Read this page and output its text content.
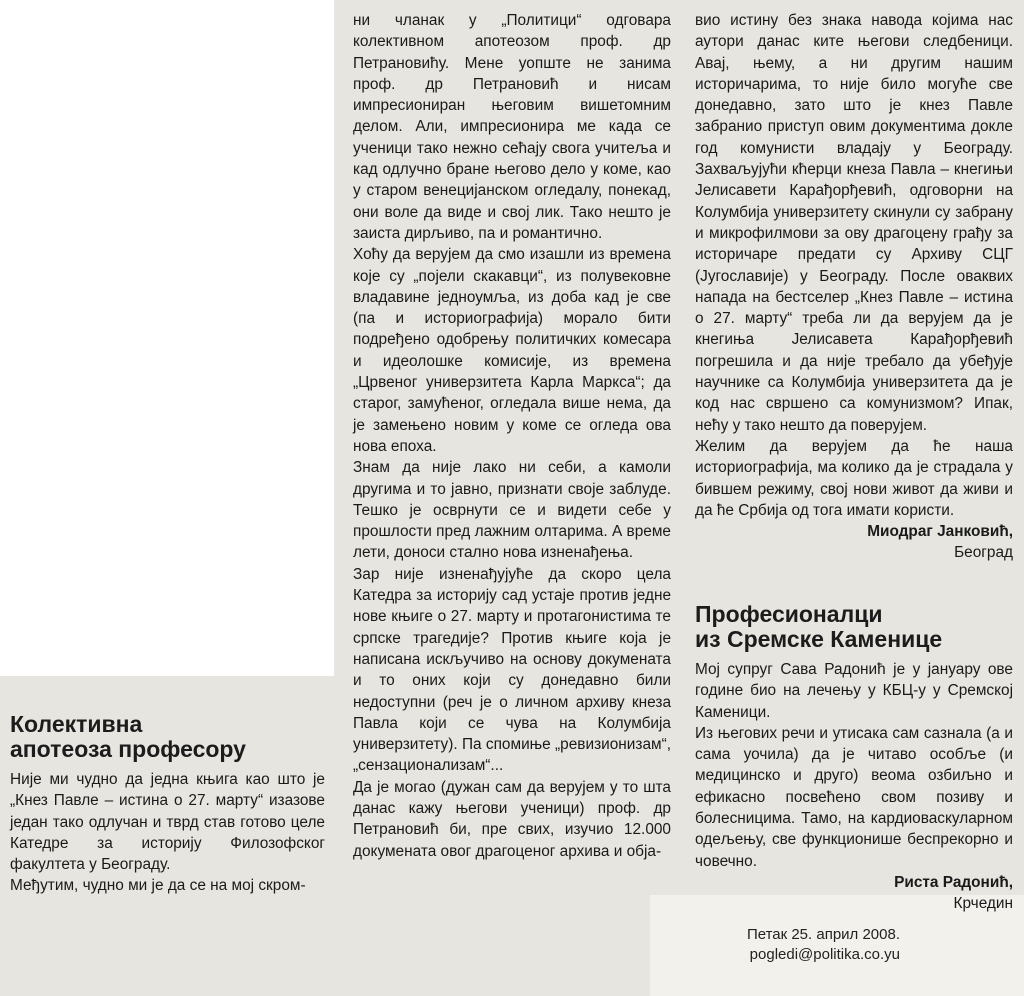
Колективна
апотеоза професору

Није ми чудно да једна књига као што је „Кнез Павле – истина о 27. марту“ изазове један тако одлучан и тврд став готово целе Катедре за историју Филозофског факултета у Београду.

Међутим, чудно ми је да се на мој скром-

ни чланак у „Политици“ одговара колективном апотеозом проф. др Петрановићу. Мене уопште не занима проф. др Петрановић и нисам импресиониран његовим вишетомним делом. Али, импресионира ме када се ученици тако нежно сећају свога учитеља и кад одлучно бране његово дело у коме, као у старом венецијанском огледалу, понекад, они воле да виде и свој лик. Тако нешто је заиста дирљиво, па и романтично.

Хоћу да верујем да смо изашли из времена које су „појели скакавци“, из полувековне владавине једноумља, из доба кад је све (па и историографија) морало бити подређено одобрењу политичких комесара и идеолошке комисије, из времена „Црвеног универзитета Карла Маркса“; да старог, замућеног, огледала више нема, да је замењено новим у коме се огледа ова нова епоха.

Знам да није лако ни себи, а камоли другима и то јавно, признати своје заблуде. Тешко је осврнути се и видети себе у прошлости пред лажним олтарима. А време лети, доноси стално нова изненађења.

Зар није изненађујуће да скоро цела Катедра за историју сад устаје против једне нове књиге о 27. марту и протагонистима те српске трагедије? Против књиге која је написана искључиво на основу докумената и то оних који су донедавно били недоступни (реч је о личном архиву кнеза Павла који се чува на Колумбија универзитету). Па спомиње „ревизионизам“, „сензационализам“...

Да је могао (дужан сам да верујем у то шта данас кажу његови ученици) проф. др Петрановић би, пре свих, изучио 12.000 докумената овог драгоценог архива и обја-

вио истину без знака навода којима нас аутори данас ките његови следбеници. Авај, њему, а ни другим нашим историчарима, то није било могуће све донедавно, зато што је кнез Павле забранио приступ овим документима докле год комунисти владају у Београду. Захваљујући кћерци кнеза Павла – кнегињи Јелисавети Карађорђевић, одговорни на Колумбија универзитету скинули су забрану и микрофилмови за ову драгоцену грађу за историчаре предати су Архиву СЦГ (Југославије) у Београду. После оваквих напада на бестселер „Кнез Павле – истина о 27. марту“ треба ли да верујем да је кнегиња Јелисавета Карађорђевић погрешила и да није требало да убеђује научнике са Колумбија универзитета да је код нас свршено са комунизмом? Ипак, нећу у тако нешто да поверујем.

Желим да верујем да ће наша историографија, ма колико да је страдала у бившем режиму, свој нови живот да живи и да ће Србија од тога имати користи.

Миодраг Јанковић,
Београд
Професионалци
из Сремске Каменице

Мој супруг Сава Радонић је у јануару ове године био на лечењу у КБЦ-у у Сремској Каменици.

Из његових речи и утисака сам сазнала (а и сама уочила) да је читаво особље (и медицинско и друго) веома озбиљно и ефикасно посвећено свом позиву и болесницима. Тамо, на кардиоваскуларном одељењу, све функционише беспрекорно и човечно.

Риста Радонић,
Крчедин
Петак 25. април 2008.
pogledi@politika.co.yu
